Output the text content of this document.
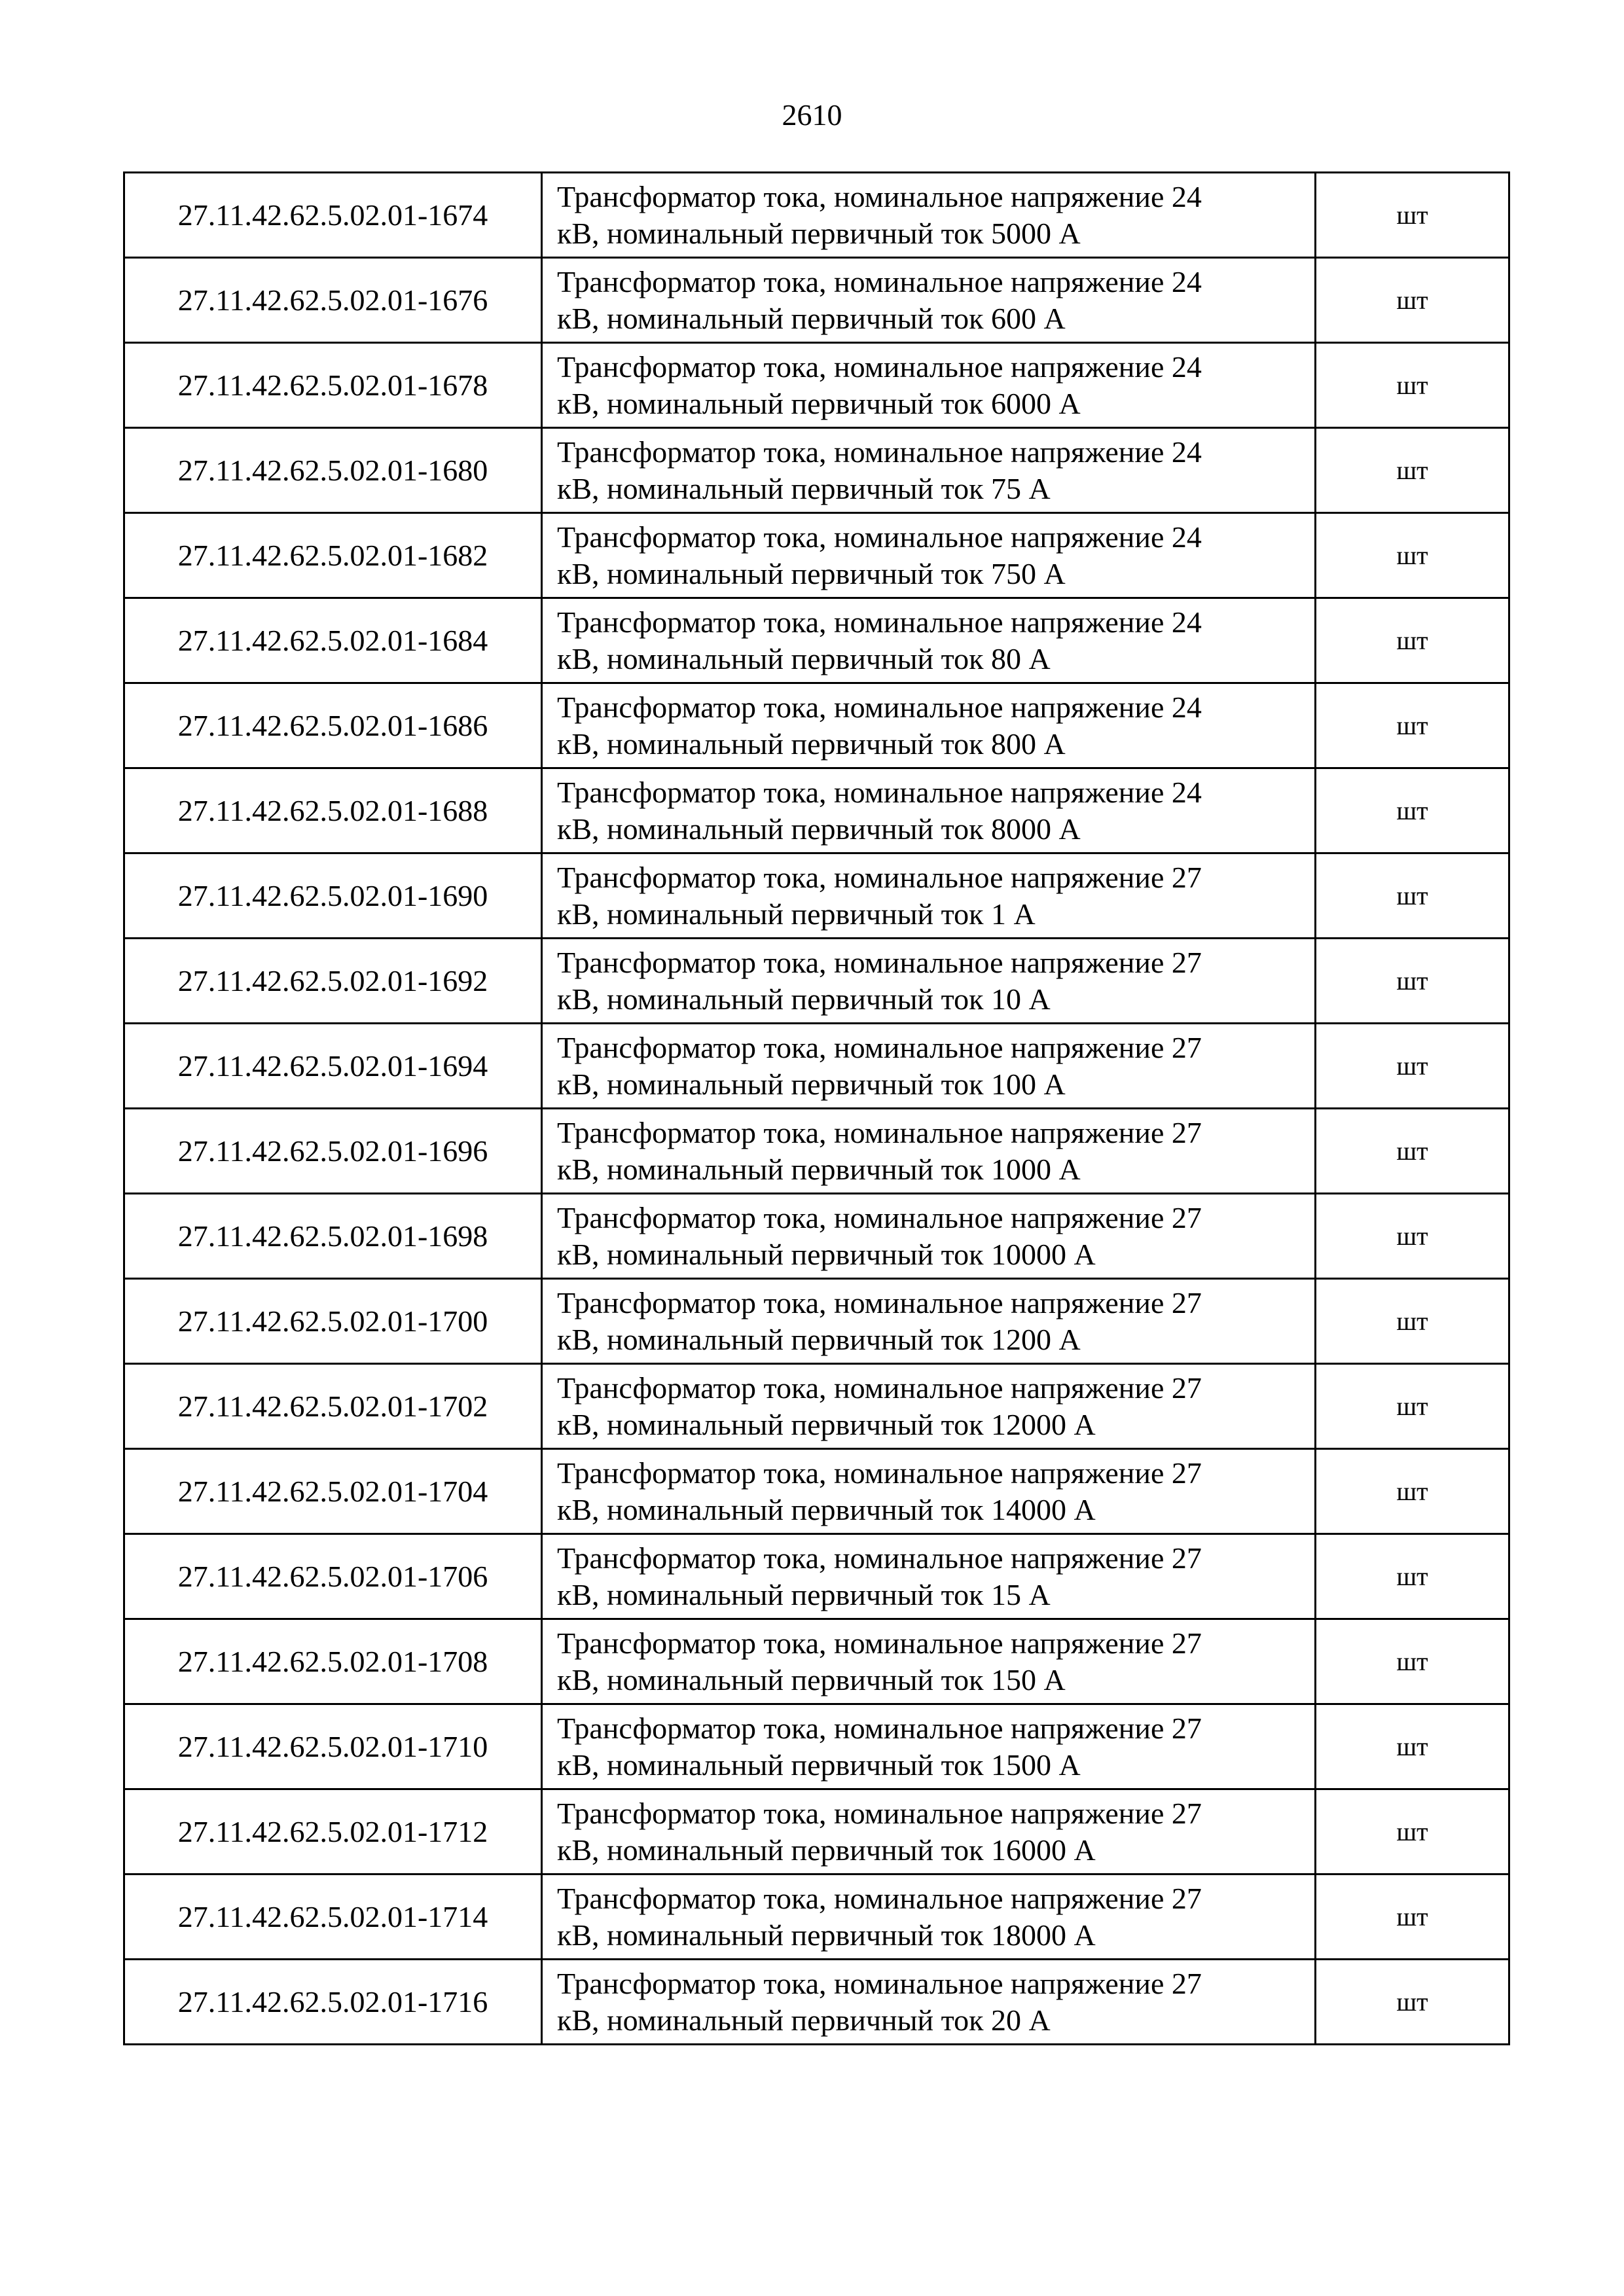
2610
27.11.42.62.5.02.01-1674	Трансформатор тока, номинальное напряжение 24
кВ, номинальный первичный ток 5000 А	шт
27.11.42.62.5.02.01-1676	Трансформатор тока, номинальное напряжение 24
кВ, номинальный первичный ток 600 А	шт
27.11.42.62.5.02.01-1678	Трансформатор тока, номинальное напряжение 24
кВ, номинальный первичный ток 6000 А	шт
27.11.42.62.5.02.01-1680	Трансформатор тока, номинальное напряжение 24
кВ, номинальный первичный ток 75 А	шт
27.11.42.62.5.02.01-1682	Трансформатор тока, номинальное напряжение 24
кВ, номинальный первичный ток 750 А	шт
27.11.42.62.5.02.01-1684	Трансформатор тока, номинальное напряжение 24
кВ, номинальный первичный ток 80 А	шт
27.11.42.62.5.02.01-1686	Трансформатор тока, номинальное напряжение 24
кВ, номинальный первичный ток 800 А	шт
27.11.42.62.5.02.01-1688	Трансформатор тока, номинальное напряжение 24
кВ, номинальный первичный ток 8000 А	шт
27.11.42.62.5.02.01-1690	Трансформатор тока, номинальное напряжение 27
кВ, номинальный первичный ток 1 А	шт
27.11.42.62.5.02.01-1692	Трансформатор тока, номинальное напряжение 27
кВ, номинальный первичный ток 10 А	шт
27.11.42.62.5.02.01-1694	Трансформатор тока, номинальное напряжение 27
кВ, номинальный первичный ток 100 А	шт
27.11.42.62.5.02.01-1696	Трансформатор тока, номинальное напряжение 27
кВ, номинальный первичный ток 1000 А	шт
27.11.42.62.5.02.01-1698	Трансформатор тока, номинальное напряжение 27
кВ, номинальный первичный ток 10000 А	шт
27.11.42.62.5.02.01-1700	Трансформатор тока, номинальное напряжение 27
кВ, номинальный первичный ток 1200 А	шт
27.11.42.62.5.02.01-1702	Трансформатор тока, номинальное напряжение 27
кВ, номинальный первичный ток 12000 А	шт
27.11.42.62.5.02.01-1704	Трансформатор тока, номинальное напряжение 27
кВ, номинальный первичный ток 14000 А	шт
27.11.42.62.5.02.01-1706	Трансформатор тока, номинальное напряжение 27
кВ, номинальный первичный ток 15 А	шт
27.11.42.62.5.02.01-1708	Трансформатор тока, номинальное напряжение 27
кВ, номинальный первичный ток 150 А	шт
27.11.42.62.5.02.01-1710	Трансформатор тока, номинальное напряжение 27
кВ, номинальный первичный ток 1500 А	шт
27.11.42.62.5.02.01-1712	Трансформатор тока, номинальное напряжение 27
кВ, номинальный первичный ток 16000 А	шт
27.11.42.62.5.02.01-1714	Трансформатор тока, номинальное напряжение 27
кВ, номинальный первичный ток 18000 А	шт
27.11.42.62.5.02.01-1716	Трансформатор тока, номинальное напряжение 27
кВ, номинальный первичный ток 20 А	шт
